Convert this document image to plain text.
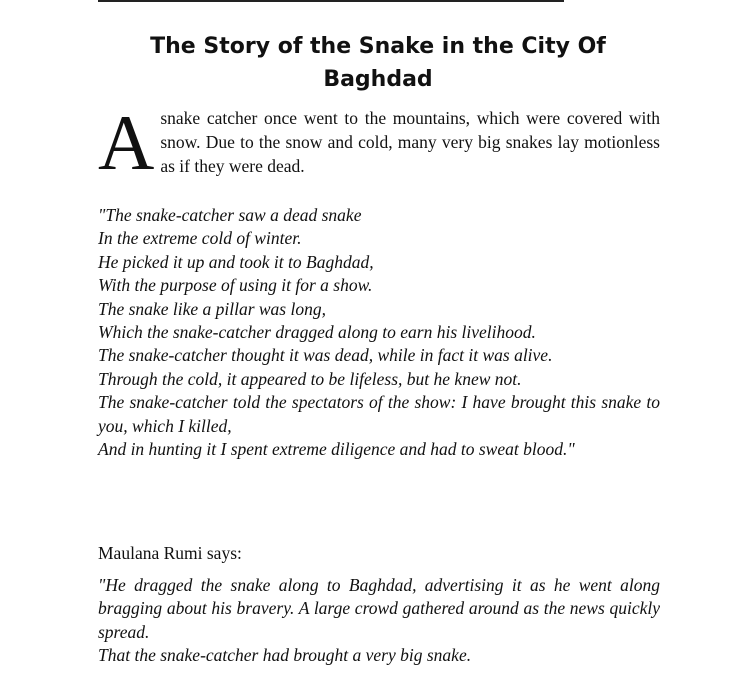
The Story of the Snake in the City Of Baghdad
A snake catcher once went to the mountains, which were covered with snow. Due to the snow and cold, many very big snakes lay motionless as if they were dead.
"The snake-catcher saw a dead snake
In the extreme cold of winter.
He picked it up and took it to Baghdad,
With the purpose of using it for a show.
The snake like a pillar was long,
Which the snake-catcher dragged along to earn his livelihood.
The snake-catcher thought it was dead, while in fact it was alive.
Through the cold, it appeared to be lifeless, but he knew not.
The snake-catcher told the spectators of the show: I have brought this snake to you, which I killed,
And in hunting it I spent extreme diligence and had to sweat blood."
Maulana Rumi says:
"He dragged the snake along to Baghdad, advertising it as he went along bragging about his bravery. A large crowd gathered around as the news quickly spread.
That the snake-catcher had brought a very big snake.
